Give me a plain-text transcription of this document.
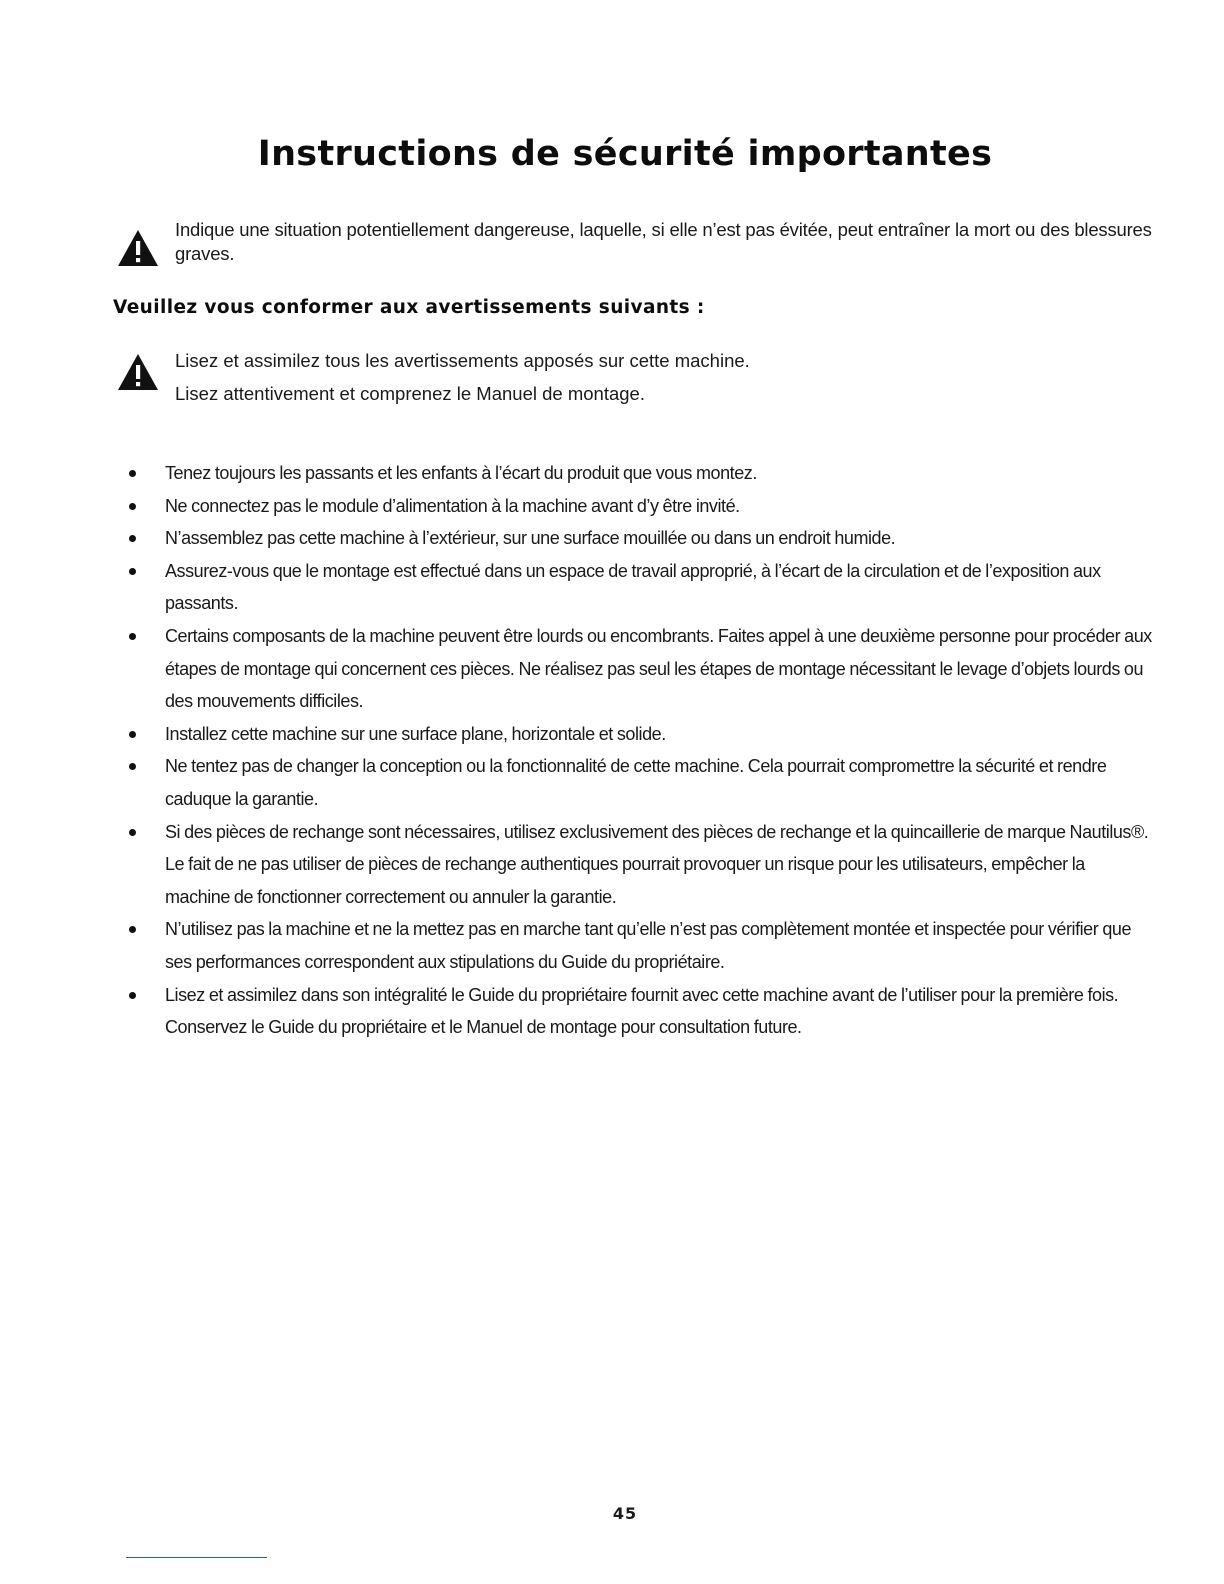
Instructions de sécurité importantes
Indique une situation potentiellement dangereuse, laquelle, si elle n’est pas évitée, peut entraîner la mort ou des blessures graves.
Veuillez vous conformer aux avertissements suivants :
Lisez et assimilez tous les avertissements apposés sur cette machine.
Lisez attentivement et comprenez le Manuel de montage.
Tenez toujours les passants et les enfants à l’écart du produit que vous montez.
Ne connectez pas le module d’alimentation à la machine avant d’y être invité.
N’assemblez pas cette machine à l’extérieur, sur une surface mouillée ou dans un endroit humide.
Assurez-vous que le montage est effectué dans un espace de travail approprié, à l’écart de la circulation et de l’exposition aux passants.
Certains composants de la machine peuvent être lourds ou encombrants. Faites appel à une deuxième personne pour procéder aux étapes de montage qui concernent ces pièces. Ne réalisez pas seul les étapes de montage nécessitant le levage d’objets lourds ou des mouvements difficiles.
Installez cette machine sur une surface plane, horizontale et solide.
Ne tentez pas de changer la conception ou la fonctionnalité de cette machine. Cela pourrait compromettre la sécurité et rendre caduque la garantie.
Si des pièces de rechange sont nécessaires, utilisez exclusivement des pièces de rechange et la quincaillerie de marque Nautilus®. Le fait de ne pas utiliser de pièces de rechange authentiques pourrait provoquer un risque pour les utilisateurs, empêcher la machine de fonctionner correctement ou annuler la garantie.
N’utilisez pas la machine et ne la mettez pas en marche tant qu’elle n’est pas complètement montée et inspectée pour vérifier que ses performances correspondent aux stipulations du Guide du propriétaire.
Lisez et assimilez dans son intégralité le Guide du propriétaire fournit avec cette machine avant de l’utiliser pour la première fois. Conservez le Guide du propriétaire et le Manuel de montage pour consultation future.
45
